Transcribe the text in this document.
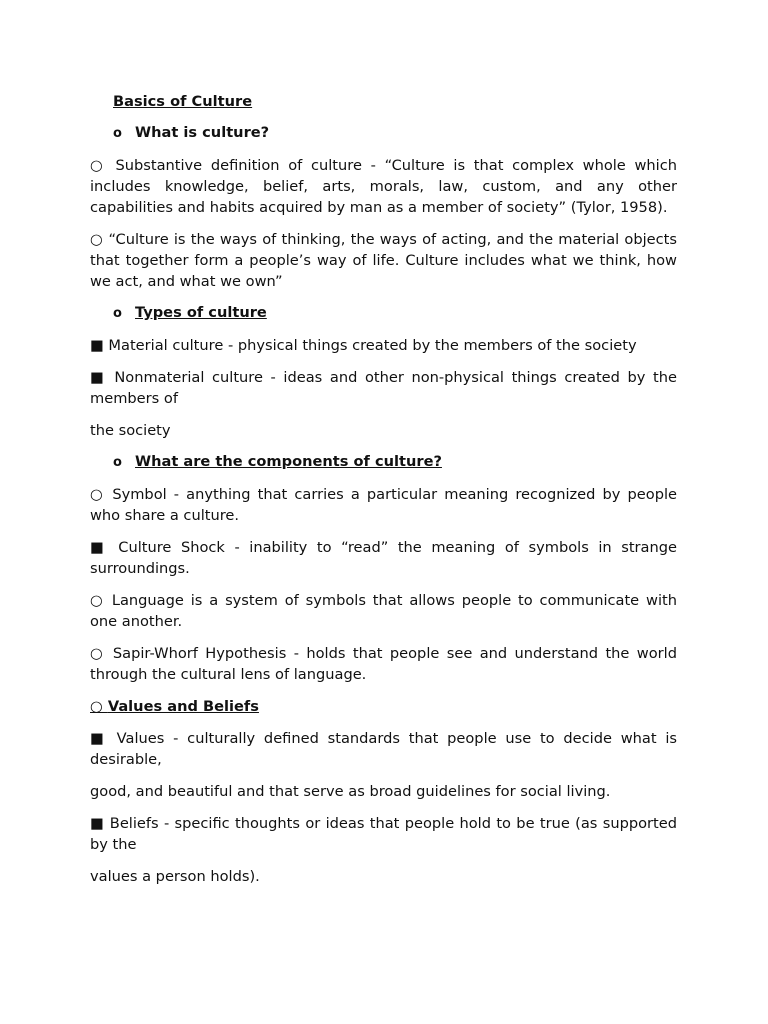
Basics of Culture
o What is culture?

○ Substantive definition of culture - “Culture is that complex whole which includes knowledge, belief, arts, morals, law, custom, and any other capabilities and habits acquired by man as a member of society” (Tylor, 1958).

○ “Culture is the ways of thinking, the ways of acting, and the material objects that together form a people’s way of life. Culture includes what we think, how we act, and what we own”

o Types of culture

■ Material culture - physical things created by the members of the society

■ Nonmaterial culture - ideas and other non-physical things created by the members of

the society

o What are the components of culture?

○ Symbol - anything that carries a particular meaning recognized by people who share a culture.

■ Culture Shock - inability to “read” the meaning of symbols in strange surroundings.

○ Language is a system of symbols that allows people to communicate with one another.

○ Sapir-Whorf Hypothesis - holds that people see and understand the world through the cultural lens of language.

○ Values and Beliefs

■ Values - culturally defined standards that people use to decide what is desirable,

good, and beautiful and that serve as broad guidelines for social living.

■ Beliefs - specific thoughts or ideas that people hold to be true (as supported by the

values a person holds).
